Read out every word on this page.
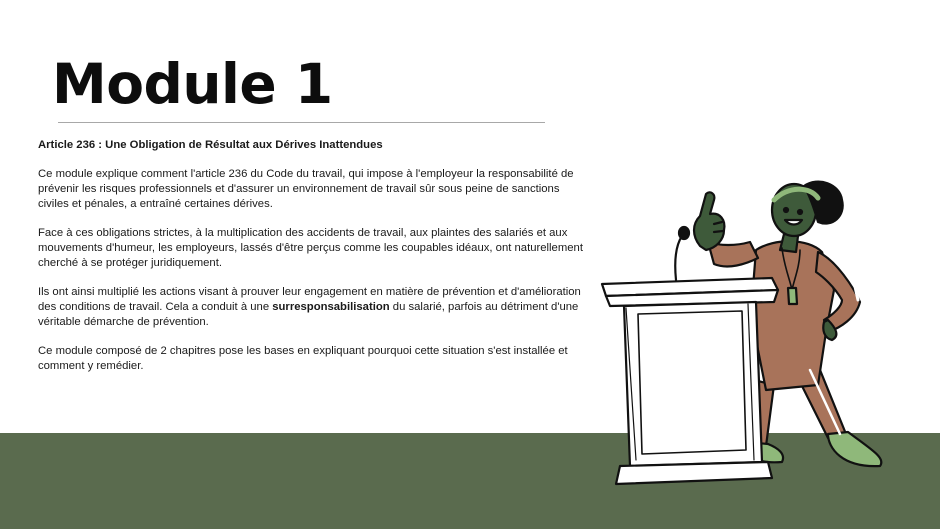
Module 1
Article 236 : Une Obligation de Résultat aux Dérives Inattendues

Ce module explique comment l'article 236 du Code du travail, qui impose à l'employeur la responsabilité de prévenir les risques professionnels et d'assurer un environnement de travail sûr sous peine de sanctions civiles et pénales, a entraîné certaines dérives.

Face à ces obligations strictes, à la multiplication des accidents de travail, aux plaintes des salariés et aux mouvements d'humeur, les employeurs, lassés d'être perçus comme les coupables idéaux, ont naturellement cherché à se protéger juridiquement.

Ils ont ainsi multiplié les actions visant à prouver leur engagement en matière de prévention et d'amélioration des conditions de travail. Cela a conduit à une surresponsabilisation du salarié, parfois au détriment d'une véritable démarche de prévention.

Ce module composé de 2 chapitres pose les bases en expliquant pourquoi cette situation s'est installée et comment y remédier.
